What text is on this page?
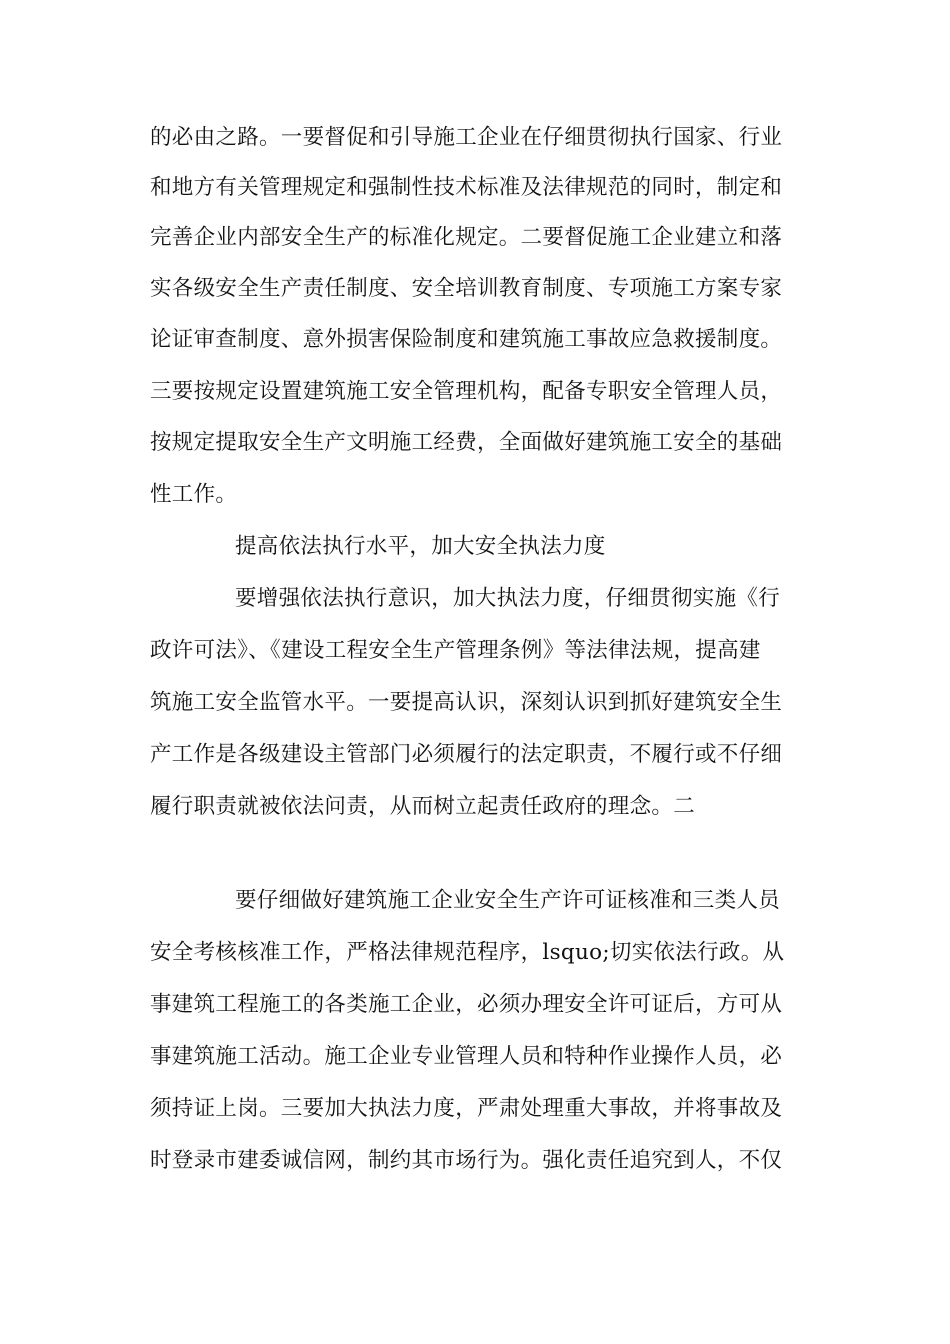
的必由之路。一要督促和引导施工企业在仔细贯彻执行国家、行业
和地方有关管理规定和强制性技术标准及法律规范的同时，制定和
完善企业内部安全生产的标准化规定。二要督促施工企业建立和落
实各级安全生产责任制度、安全培训教育制度、专项施工方案专家
论证审查制度、意外损害保险制度和建筑施工事故应急救援制度。
三要按规定设置建筑施工安全管理机构，配备专职安全管理人员，
按规定提取安全生产文明施工经费，全面做好建筑施工安全的基础
性工作。
提高依法执行水平，加大安全执法力度
要增强依法执行意识，加大执法力度，仔细贯彻实施《行
政许可法》、《建设工程安全生产管理条例》等法律法规，提高建
筑施工安全监管水平。一要提高认识，深刻认识到抓好建筑安全生
产工作是各级建设主管部门必须履行的法定职责，不履行或不仔细
履行职责就被依法问责，从而树立起责任政府的理念。二
要仔细做好建筑施工企业安全生产许可证核准和三类人员
安全考核核准工作，严格法律规范程序，lsquo;切实依法行政。从
事建筑工程施工的各类施工企业，必须办理安全许可证后，方可从
事建筑施工活动。施工企业专业管理人员和特种作业操作人员，必
须持证上岗。三要加大执法力度，严肃处理重大事故，并将事故及
时登录市建委诚信网，制约其市场行为。强化责任追究到人，不仅
